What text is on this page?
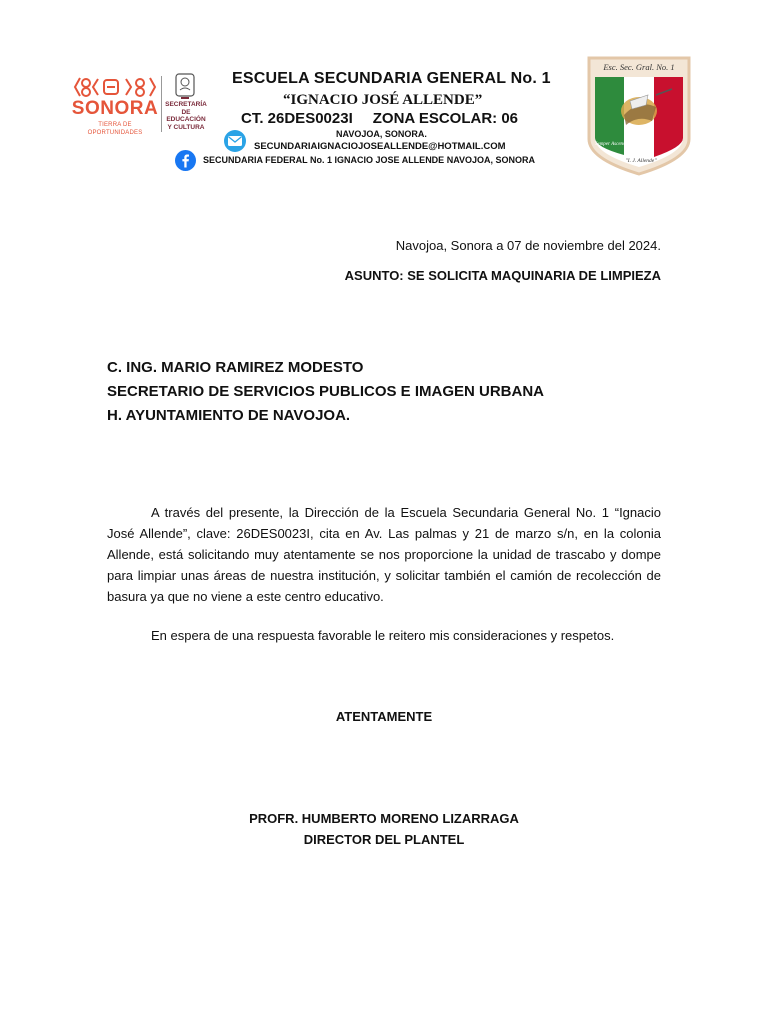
SONORA
TIERRA DE OPORTUNIDADES
SECRETARÍA DE
EDUCACIÓN
Y CULTURA
ESCUELA SECUNDARIA GENERAL No. 1
“IGNACIO JOSÉ ALLENDE”
CT. 26DES0023I ZONA ESCOLAR: 06
NAVOJOA, SONORA.
SECUNDARIAIGNACIOJOSEALLENDE@HOTMAIL.COM
SECUNDARIA FEDERAL No. 1 IGNACIO JOSE ALLENDE NAVOJOA, SONORA
Esc. Sec. Gral. No. 1
Semper Ascens
"I. J. Allende"
Navojoa, Sonora a 07 de noviembre del 2024.
ASUNTO: SE SOLICITA MAQUINARIA DE LIMPIEZA
C. ING. MARIO RAMIREZ MODESTO
SECRETARIO DE SERVICIOS PUBLICOS E IMAGEN URBANA
H. AYUNTAMIENTO DE NAVOJOA.
A través del presente, la Dirección de la Escuela Secundaria General No. 1 “Ignacio José Allende”, clave: 26DES0023I, cita en Av. Las palmas y 21 de marzo s/n, en la colonia Allende, está solicitando muy atentamente se nos proporcione la unidad de trascabo y dompe para limpiar unas áreas de nuestra institución, y solicitar también el camión de recolección de basura ya que no viene a este centro educativo.
En espera de una respuesta favorable le reitero mis consideraciones y respetos.
ATENTAMENTE
PROFR. HUMBERTO MORENO LIZARRAGA
DIRECTOR DEL PLANTEL
